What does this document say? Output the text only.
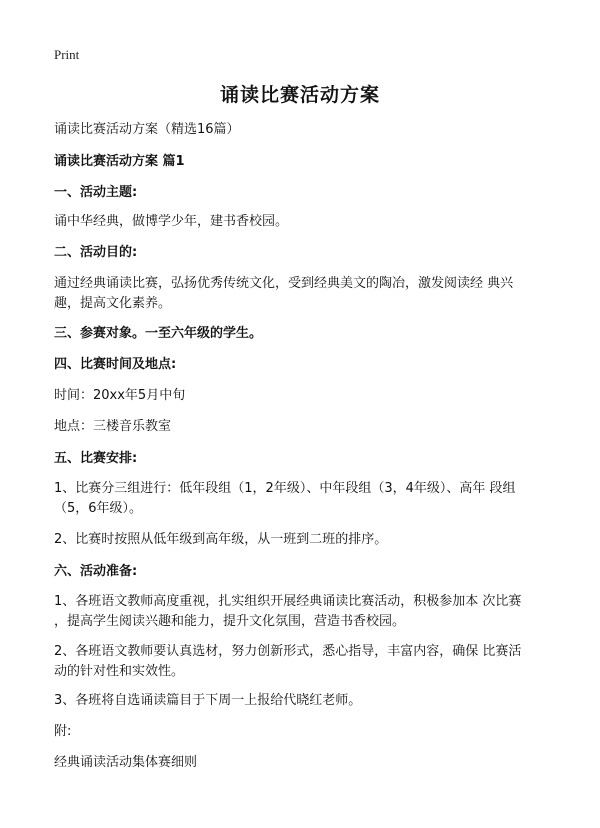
Print
诵读比赛活动方案
诵读比赛活动方案（精选16篇）
诵读比赛活动方案 篇1
一、活动主题:
诵中华经典，做博学少年，建书香校园。
二、活动目的:
通过经典诵读比赛，弘扬优秀传统文化，受到经典美文的陶冶，激发阅读经 典兴
趣，提高文化素养。
三、参赛对象。一至六年级的学生。
四、比赛时间及地点:
时间：20xx年5月中旬
地点：三楼音乐教室
五、比赛安排:
1、比赛分三组进行：低年段组（1，2年级）、中年段组（3，4年级）、高年 段组
（5，6年级）。
2、比赛时按照从低年级到高年级，从一班到二班的排序。
六、活动准备:
1、各班语文教师高度重视，扎实组织开展经典诵读比赛活动，积极参加本 次比赛
，提高学生阅读兴趣和能力，提升文化氛围，营造书香校园。
2、各班语文教师要认真选材，努力创新形式，悉心指导，丰富内容，确保 比赛活
动的针对性和实效性。
3、各班将自选诵读篇目于下周一上报给代晓红老师。
附:
经典诵读活动集体赛细则
